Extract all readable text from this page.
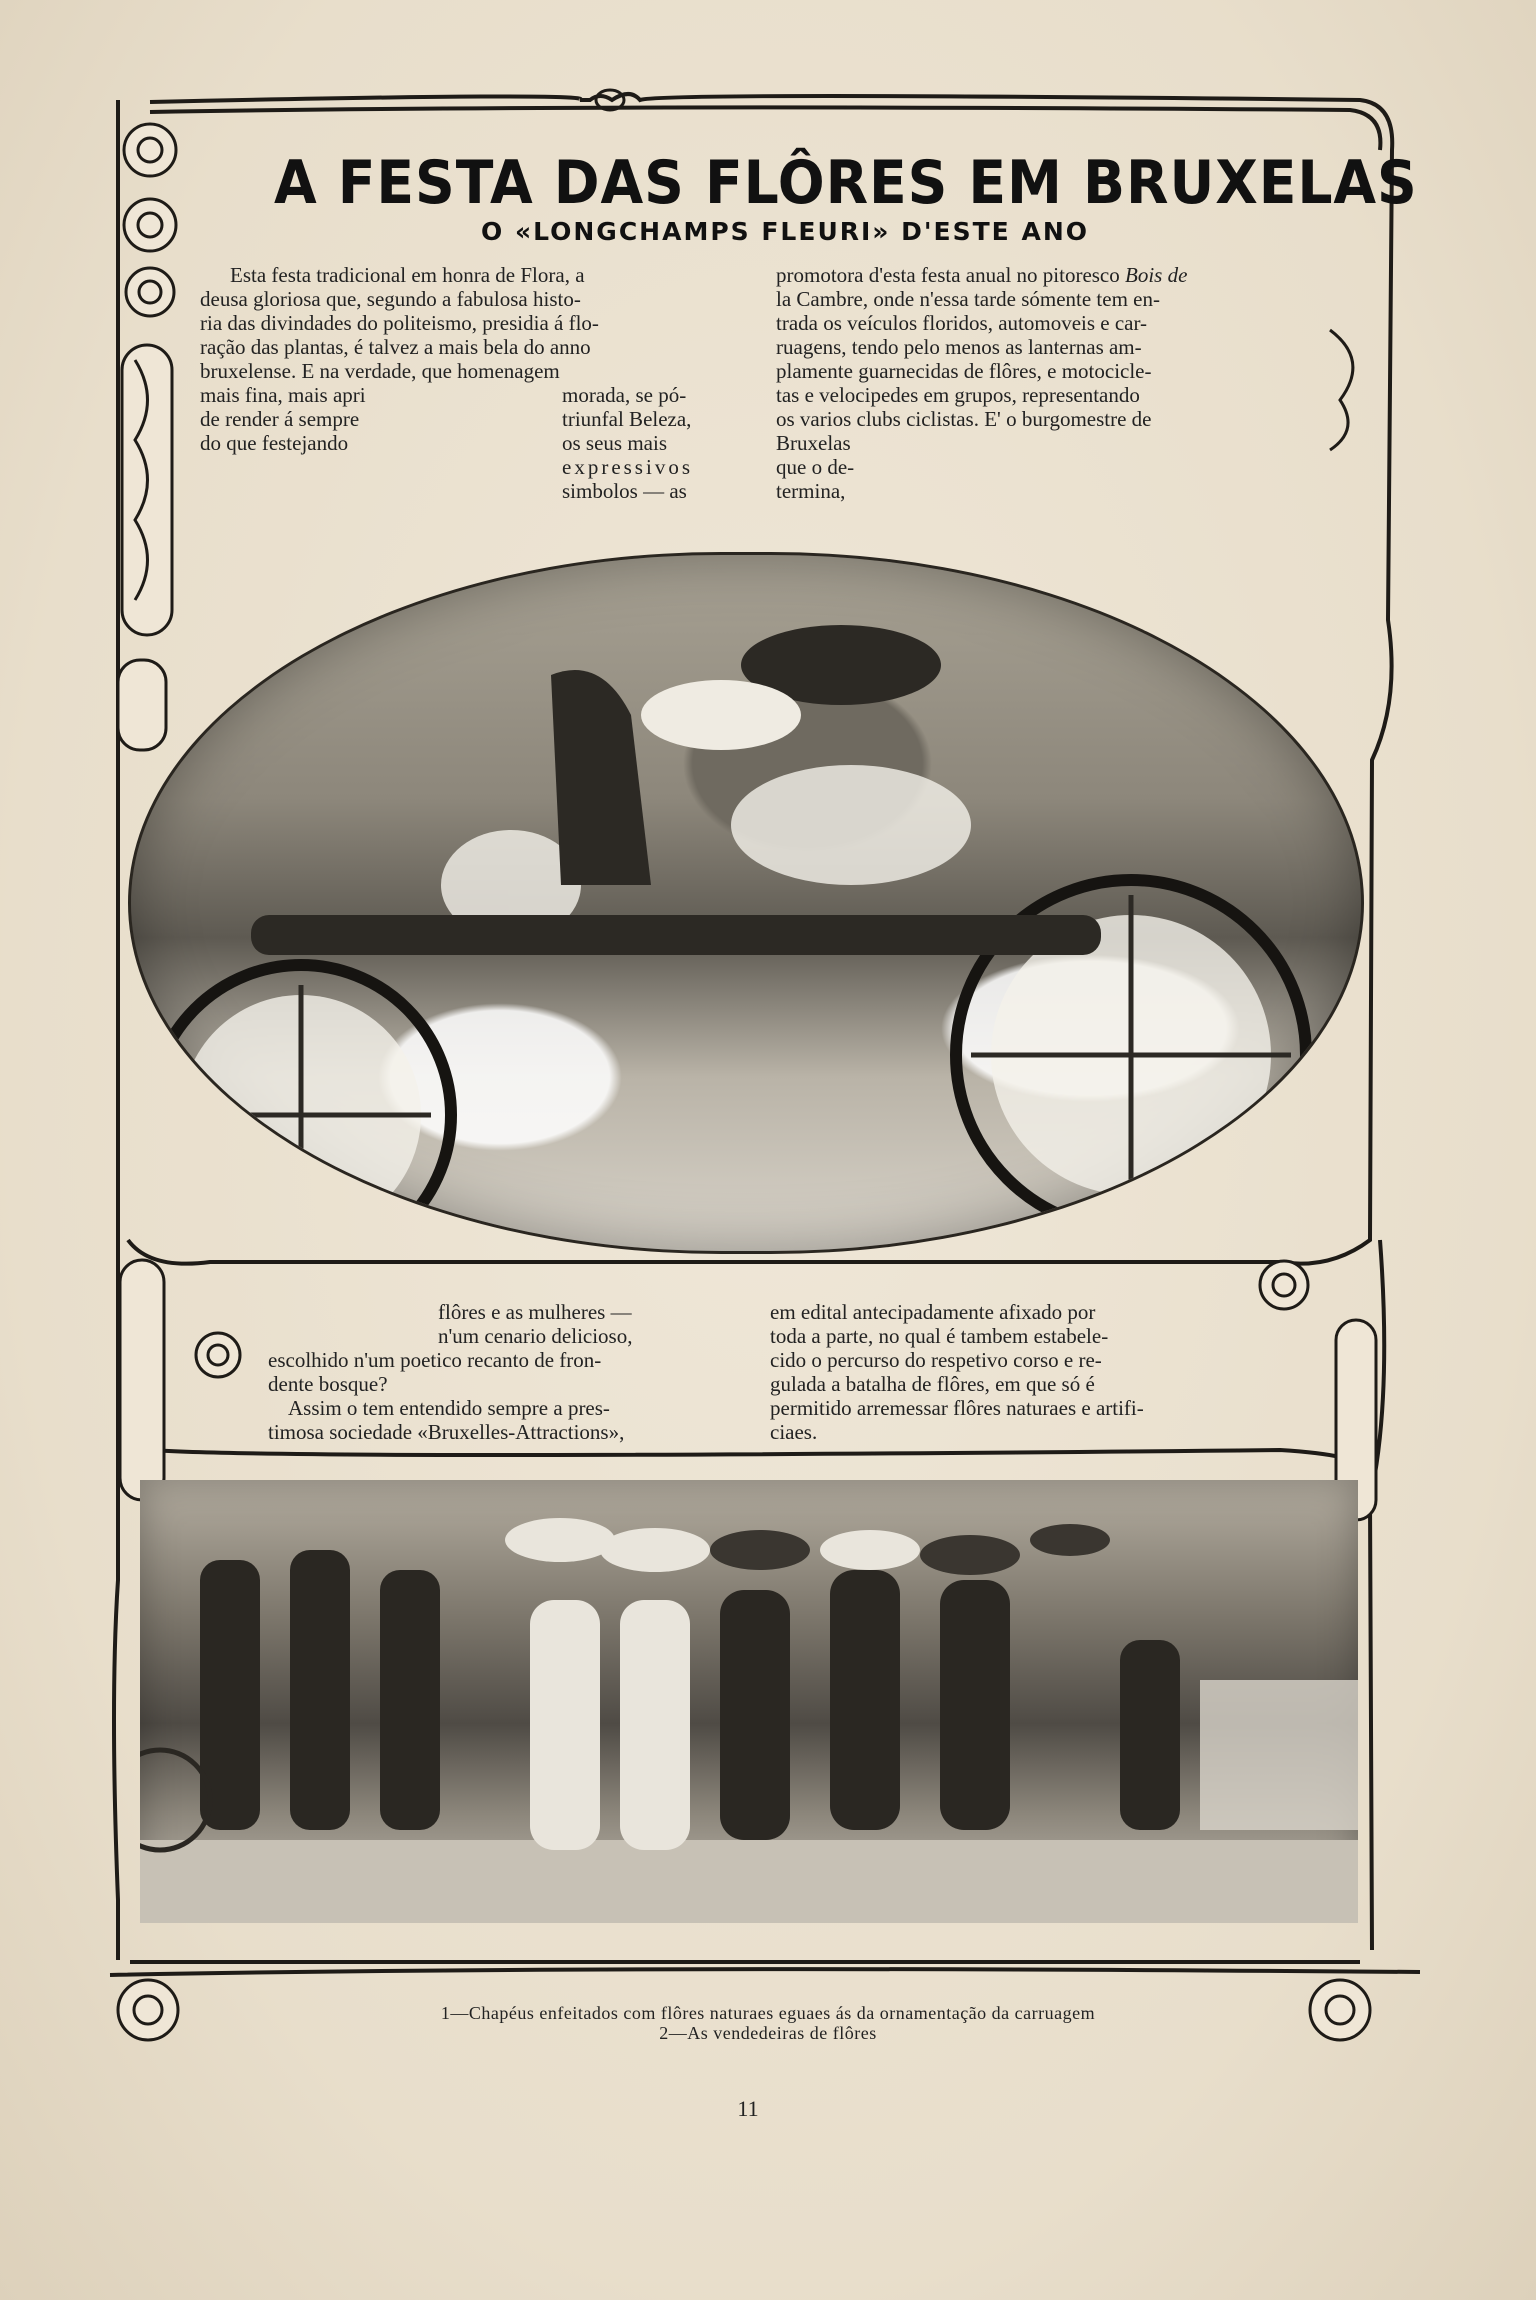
A FESTA DAS FLÔRES EM BRUXELAS
O «LONGCHAMPS FLEURI» D'ESTE ANO

Esta festa tradicional em honra de Flora, a

deusa gloriosa que, segundo a fabulosa histo-

ria das divindades do politeismo, presidia á flo-

ração das plantas, é talvez a mais bela do anno

bruxelense. E na verdade, que homenagem

mais fina, mais apri

de render á sempre

do que festejando

morada, se pó-

triunfal Beleza,

os seus mais

expressivos

simbolos — as

promotora d'esta festa anual no pitoresco Bois de

la Cambre, onde n'essa tarde sómente tem en-

trada os veículos floridos, automoveis e car-

ruagens, tendo pelo menos as lanternas am-

plamente guarnecidas de flôres, e motocicle-

tas e velocipedes em grupos, representando

os varios clubs ciclistas. E' o burgomestre de

Bruxelas

que o de-

termina,

flôres e as mulheres —

n'um cenario delicioso,

escolhido n'um poetico recanto de fron-

dente bosque?

Assim o tem entendido sempre a pres-

timosa sociedade «Bruxelles-Attractions»,

em edital antecipadamente afixado por

toda a parte, no qual é tambem estabele-

cido o percurso do respetivo corso e re-

gulada a batalha de flôres, em que só é

permitido arremessar flôres naturaes e artifi-

ciaes.

1—Chapéus enfeitados com flôres naturaes eguaes ás da ornamentação da carruagem
2—As vendedeiras de flôres
11
